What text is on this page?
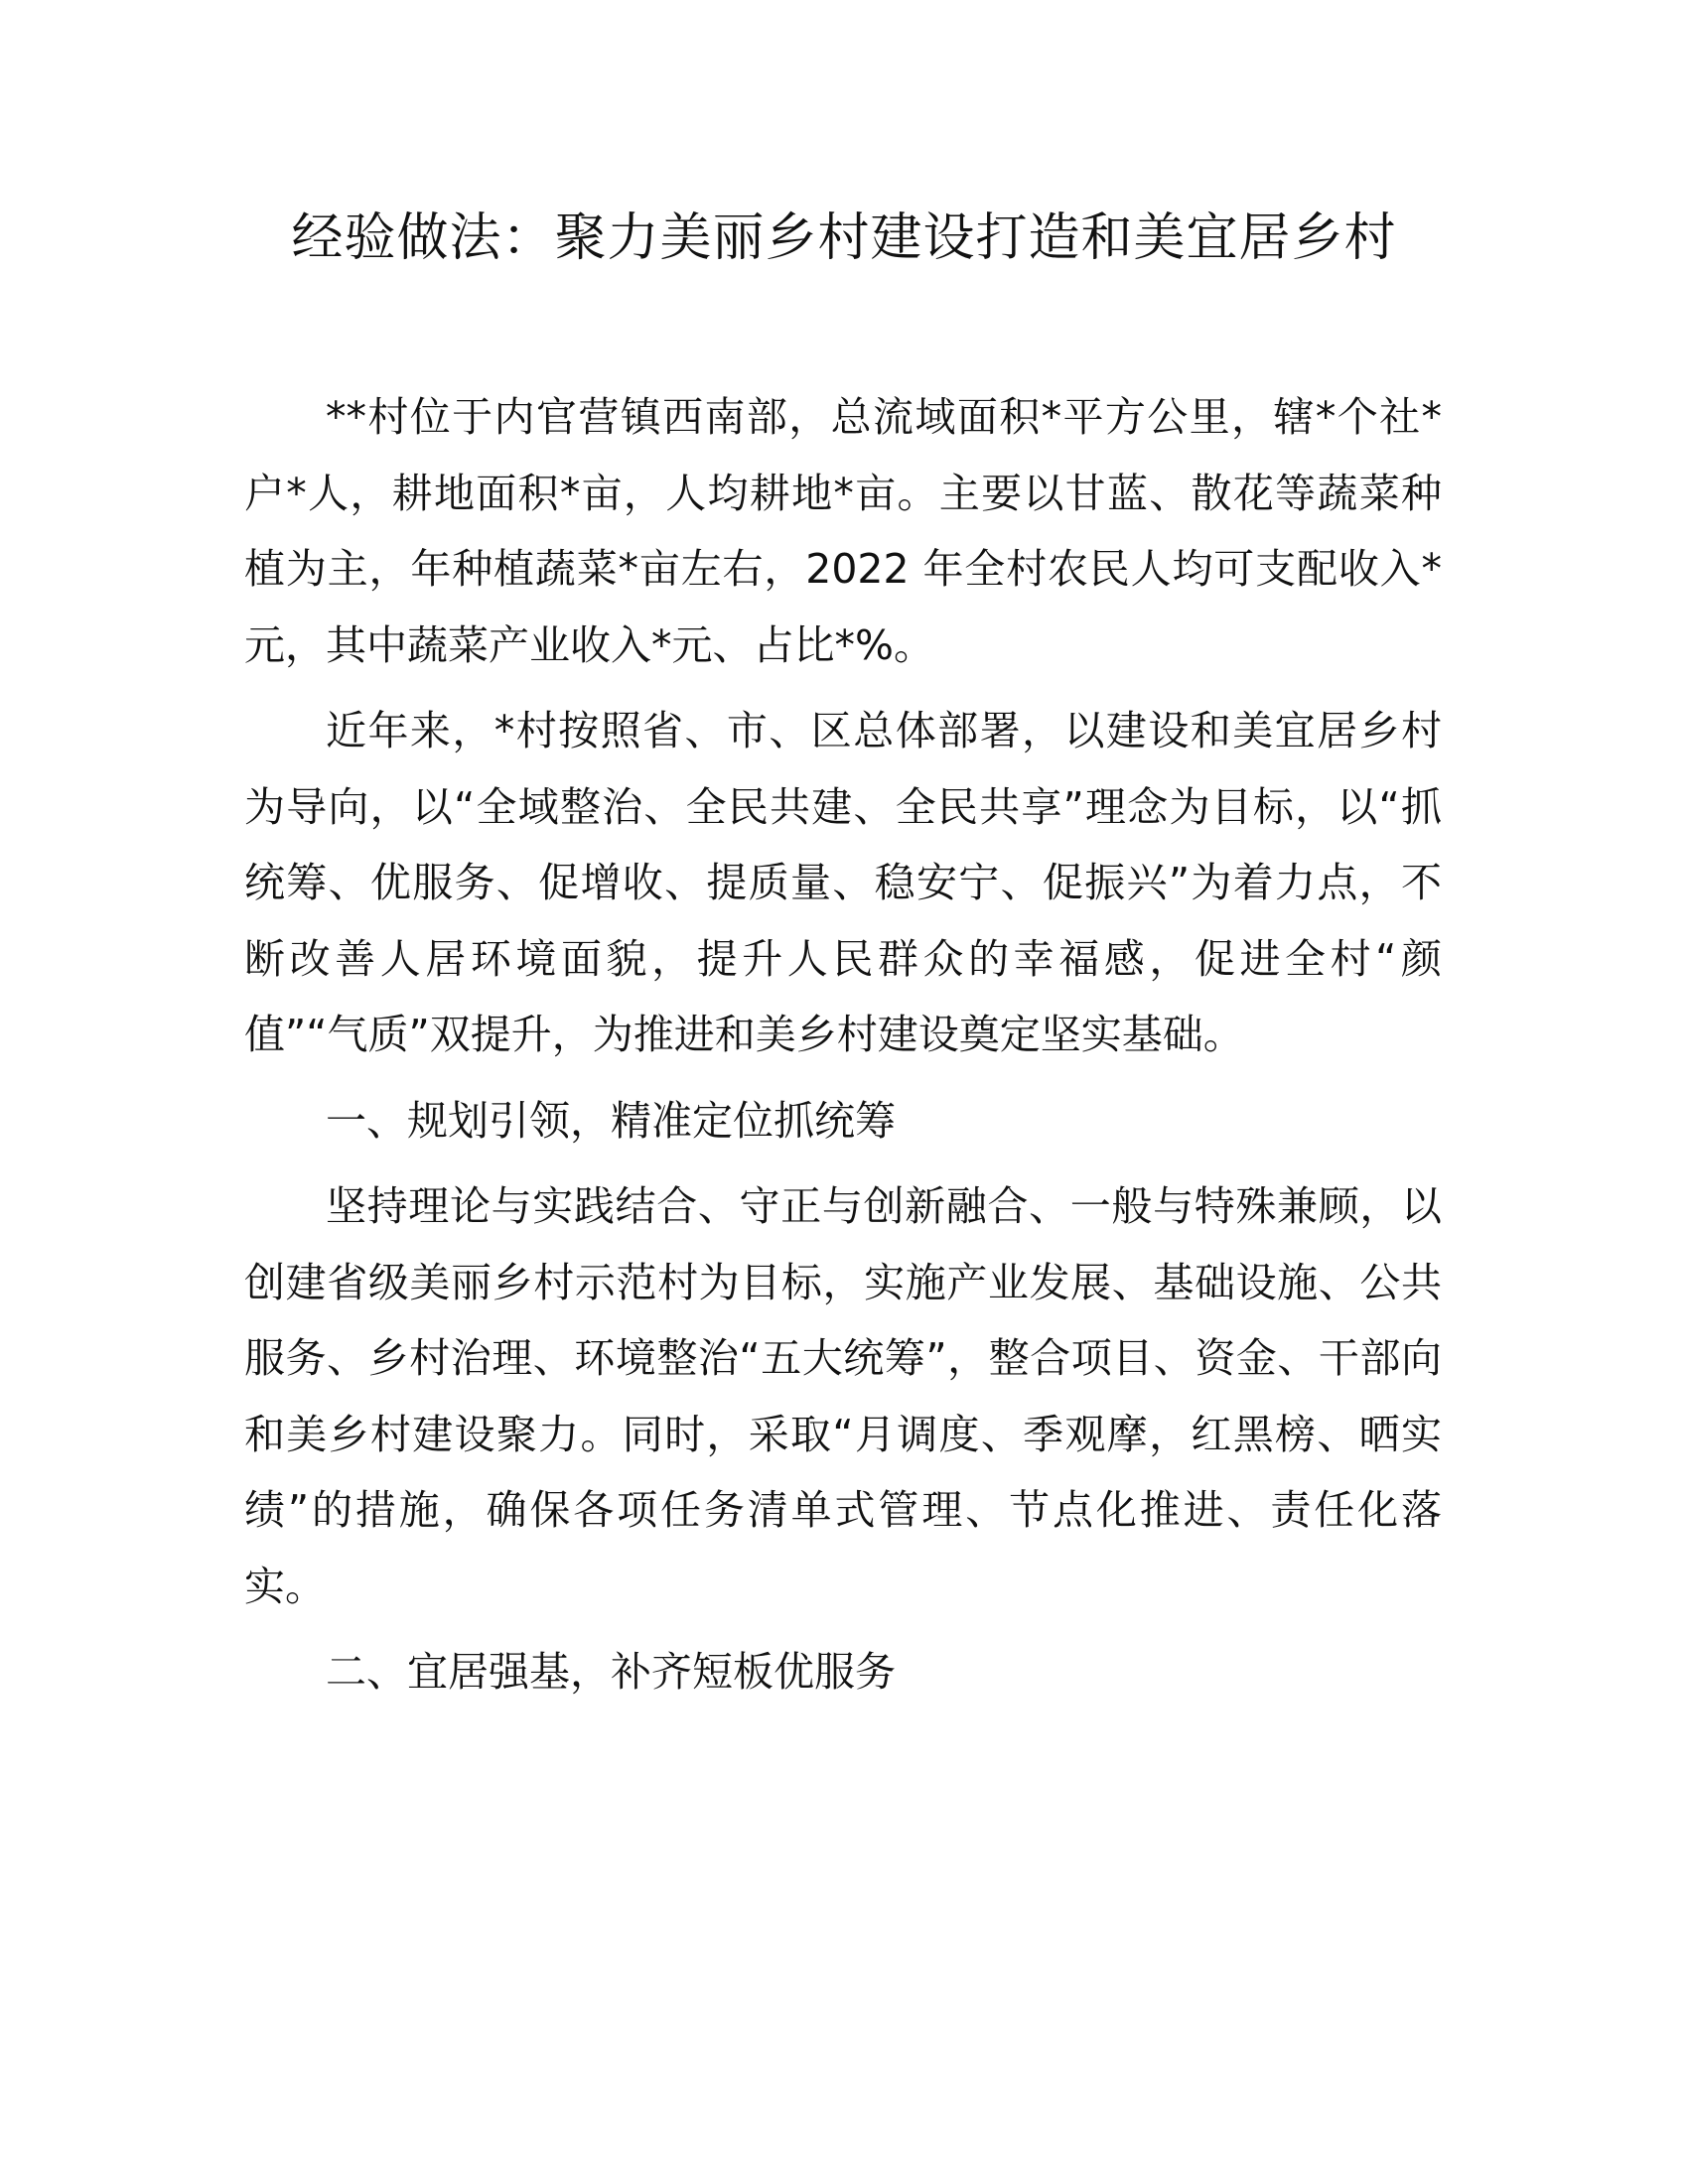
经验做法：聚力美丽乡村建设打造和美宜居乡村

**村位于内官营镇西南部，总流域面积*平方公里，辖*个社*户*人，耕地面积*亩，人均耕地*亩。主要以甘蓝、散花等蔬菜种植为主，年种植蔬菜*亩左右，2022 年全村农民人均可支配收入*元，其中蔬菜产业收入*元、占比*%。

近年来，*村按照省、市、区总体部署，以建设和美宜居乡村为导向，以“全域整治、全民共建、全民共享”理念为目标，以“抓统筹、优服务、促增收、提质量、稳安宁、促振兴”为着力点，不断改善人居环境面貌，提升人民群众的幸福感，促进全村“颜值”“气质”双提升，为推进和美乡村建设奠定坚实基础。

一、规划引领，精准定位抓统筹

坚持理论与实践结合、守正与创新融合、一般与特殊兼顾，以创建省级美丽乡村示范村为目标，实施产业发展、基础设施、公共服务、乡村治理、环境整治“五大统筹”，整合项目、资金、干部向和美乡村建设聚力。同时，采取“月调度、季观摩，红黑榜、晒实绩”的措施，确保各项任务清单式管理、节点化推进、责任化落实。

二、宜居强基，补齐短板优服务
